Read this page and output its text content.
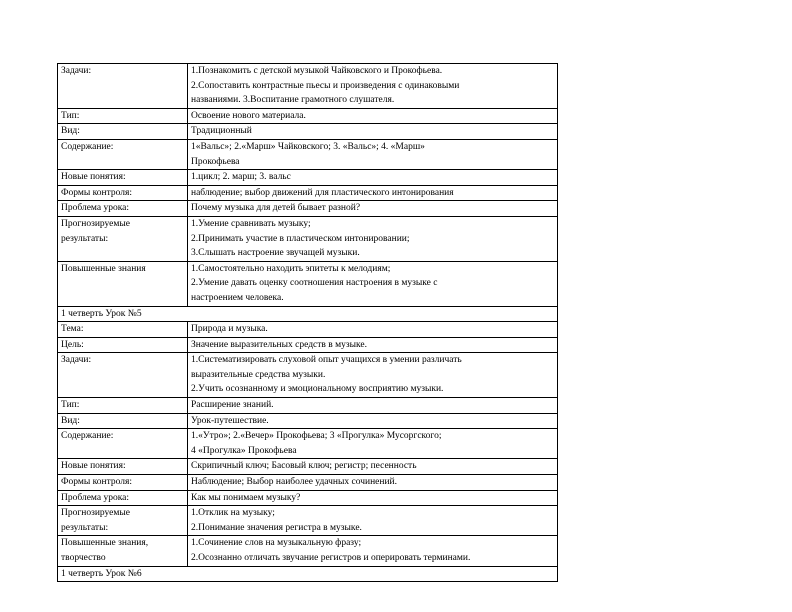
Задачи:	1.Познакомить с детской музыкой Чайковского и Прокофьева.
2.Сопоставить контрастные пьесы и произведения с одинаковыми
названиями. 3.Воспитание грамотного слушателя.

Тип:	Освоение нового материала.

Вид:	Традиционный

Содержание:	1«Вальс»; 2.«Марш» Чайковского; 3. «Вальс»; 4. «Марш»
Прокофьева

Новые понятия:	1.цикл; 2. марш; 3. вальс

Формы контроля:	наблюдение; выбор движений для пластического интонирования

Проблема урока:	Почему музыка для детей бывает разной?

Прогнозируемые
результаты:	1.Умение сравнивать музыку;
2.Принимать участие в пластическом интонировании;
3.Слышать настроение звучащей музыки.

Повышенные знания	1.Самостоятельно находить эпитеты к мелодиям;
2.Умение давать оценку соотношения настроения в музыке с
настроением человека.

1 четверть Урок №5	

Тема:	Природа и музыка.

Цель:	Значение выразительных средств в музыке.

Задачи:	1.Систематизировать слуховой опыт учащихся в умении различать
выразительные средства музыки.
2.Учить осознанному и эмоциональному восприятию музыки.

Тип:	Расширение знаний.

Вид:	Урок-путешествие.

Содержание:	1.«Утро»; 2.«Вечер» Прокофьева; 3 «Прогулка» Мусоргского;
4 «Прогулка» Прокофьева

Новые понятия:	Скрипичный ключ; Басовый ключ; регистр; песенность

Формы контроля:	Наблюдение; Выбор наиболее удачных сочинений.

Проблема урока:	Как мы понимаем музыку?

Прогнозируемые
результаты:	1.Отклик на музыку;
2.Понимание значения регистра в музыке.

Повышенные знания,
творчество	1.Сочинение слов на музыкальную фразу;
2.Осознанно отличать звучание регистров и оперировать терминами.

1 четверть Урок №6	
